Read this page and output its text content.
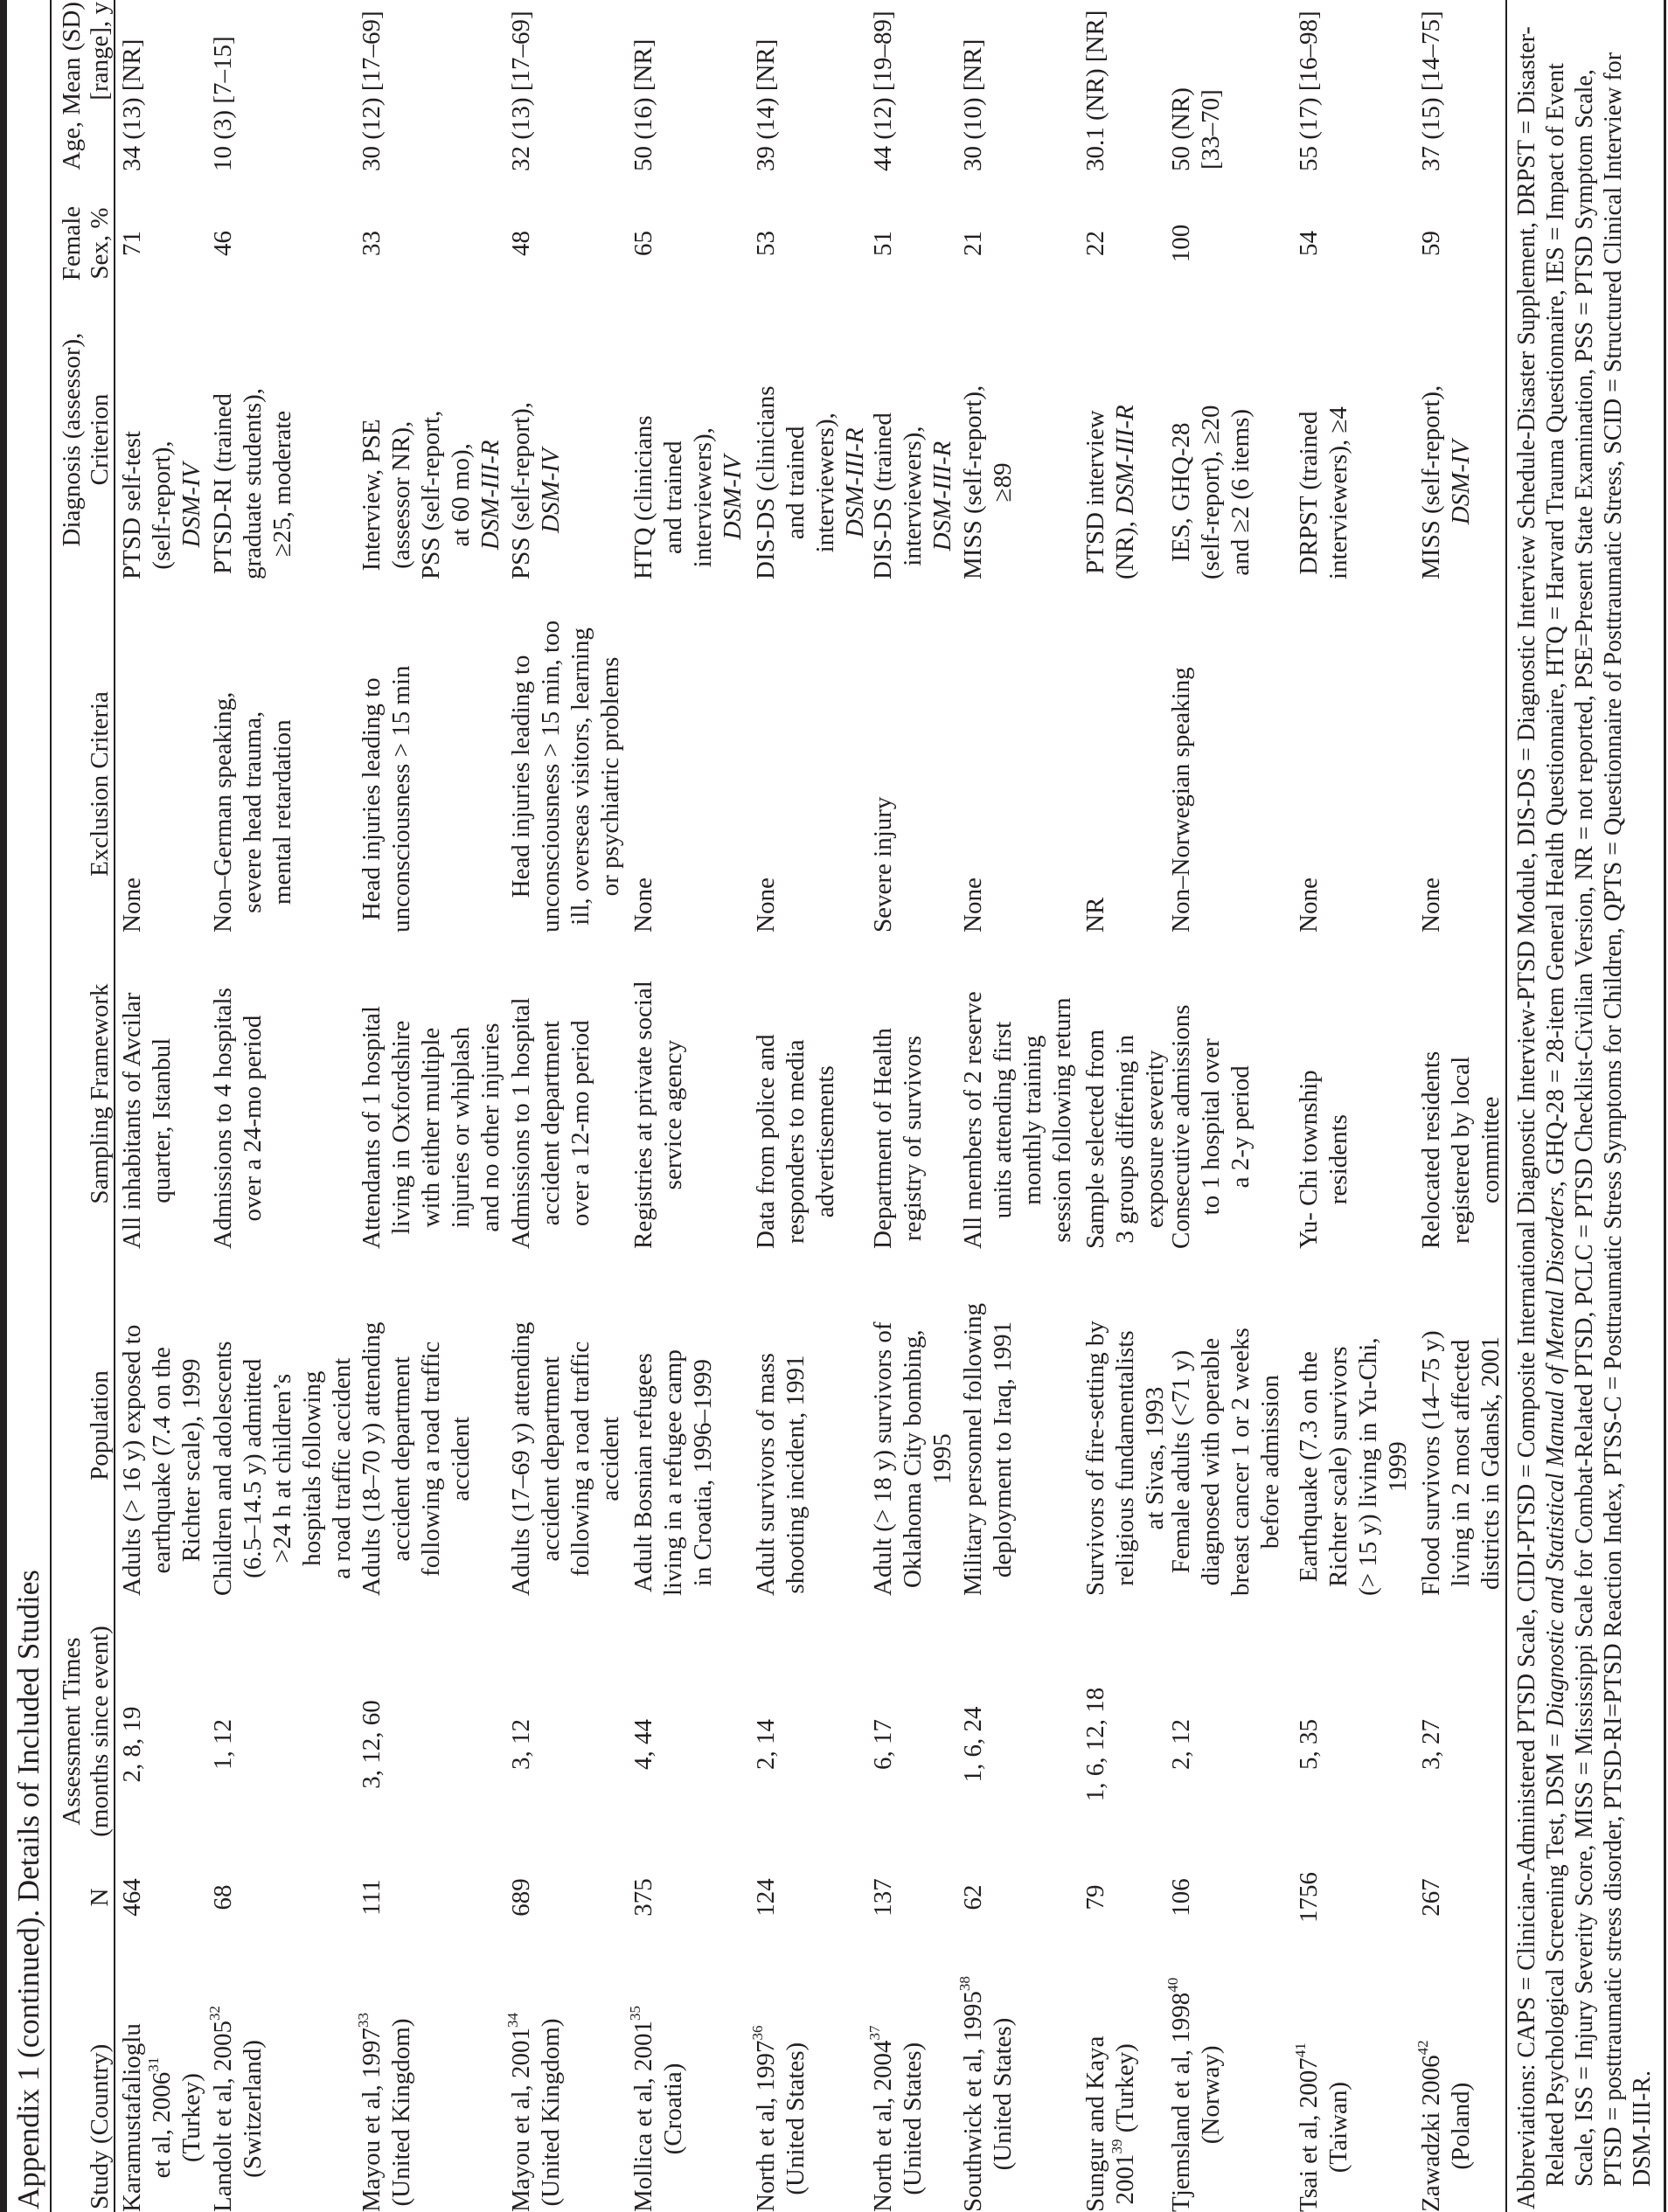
Appendix 1 (continued). Details of Included Studies	Study (Country)
N
Assessment Times
(months since event)
Population
Sampling Framework
Exclusion Criteria
Diagnosis (assessor),
Criterion
Female
Sex, %
Age, Mean (SD)
[range], y
Karamustafalioglu
et al, 2006$^{31}$
(Turkey)
464
2, 8, 19
Adults (> 16 y) exposed to
earthquake (7.4 on the
Richter scale), 1999
All inhabitants of Avcilar
quarter, Istanbul
None
PTSD self-test
(self-report),
DSM-IV
71
34 (13) [NR]
Landolt et al, 2005$^{32}$
(Switzerland)
68
1, 12
Children and adolescents
(6.5–14.5 y) admitted
>24 h at children’s
hospitals following
a road traffic accident
Admissions to 4 hospitals
over a 24-mo period
Non–German speaking,
severe head trauma,
mental retardation
PTSD-RI (trained
graduate students),
≥25, moderate
46
10 (3) [7–15]
Mayou et al, 1997$^{33}$
(United Kingdom)
111
3, 12, 60
Adults (18–70 y) attending
accident department
following a road traffic
accident
Attendants of 1 hospital
living in Oxfordshire
with either multiple
injuries or whiplash
and no other injuries
Head injuries leading to
unconsciousness > 15 min
Interview, PSE
(assessor NR),
PSS (self-report,
at 60 mo),
DSM-III-R
33
30 (12) [17–69]
Mayou et al, 2001$^{34}$
(United Kingdom)
689
3, 12
Adults (17–69 y) attending
accident department
following a road traffic
accident
Admissions to 1 hospital
accident department
over a 12-mo period
Head injuries leading to
unconsciousness > 15 min, too
ill, overseas visitors, learning
or psychiatric problems
PSS (self-report),
DSM-IV
48
32 (13) [17–69]
Mollica et al, 2001$^{35}$
(Croatia)
375
4, 44
Adult Bosnian refugees
living in a refugee camp
in Croatia, 1996–1999
Registries at private social
service agency
None
HTQ (clinicians
and trained
interviewers),
DSM-IV
65
50 (16) [NR]
North et al, 1997$^{36}$
(United States)
124
2, 14
Adult survivors of mass
shooting incident, 1991
Data from police and
responders to media
advertisements
None
DIS-DS (clinicians
and trained
interviewers),
DSM-III-R
53
39 (14) [NR]
North et al, 2004$^{37}$
(United States)
137
6, 17
Adult (> 18 y) survivors of
Oklahoma City bombing,
1995
Department of Health
registry of survivors
Severe injury
DIS-DS (trained
interviewers),
DSM-III-R
51
44 (12) [19–89]
Southwick et al, 1995$^{38}$
(United States)
62
1, 6, 24
Military personnel following
deployment to Iraq, 1991
All members of 2 reserve
units attending first
monthly training
session following return
None
MISS (self-report),
≥89
21
30 (10) [NR]
Sungur and Kaya
2001$^{39}$ (Turkey)
79
1, 6, 12, 18
Survivors of fire-setting by
religious fundamentalists
at Sivas, 1993
Sample selected from
3 groups differing in
exposure severity
NR
PTSD interview
(NR), DSM-III-R
22
30.1 (NR) [NR]
Tjemsland et al, 1998$^{40}$
(Norway)
106
2, 12
Female adults (<71 y)
diagnosed with operable
breast cancer 1 or 2 weeks
before admission
Consecutive admissions
to 1 hospital over
a 2-y period
Non–Norwegian speaking
IES, GHQ-28
(self-report), ≥20
and ≥2 (6 items)
100
50 (NR)
[33–70]
Tsai et al, 2007$^{41}$
(Taiwan)
1756
5, 35
Earthquake (7.3 on the
Richter scale) survivors
(> 15 y) living in Yu-Chi,
1999
Yu- Chi township
residents
None
DRPST (trained
interviewers), ≥4
54
55 (17) [16–98]
Zawadzki 2006$^{42}$
(Poland)
267
3, 27
Flood survivors (14–75 y)
living in 2 most affected
districts in Gdansk, 2001
Relocated residents
registered by local
committee
None
MISS (self-report),
DSM-IV
59
37 (15) [14–75]	Abbreviations: CAPS = Clinician-Administered PTSD Scale, CIDI-PTSD = Composite International Diagnostic Interview-PTSD Module, DIS-DS = Diagnostic Interview Schedule-Disaster Supplement, DRPST = Disaster-Related Psychological Screening Test, DSM = Diagnostic and Statistical Manual of Mental Disorders, GHQ-28 = 28-item General Health Questionnaire, HTQ = Harvard Trauma Questionnaire, IES = Impact of Event Scale, ISS = Injury Severity Score, MISS = Mississippi Scale for Combat-Related PTSD, PCLC = PTSD Checklist-Civilian Version, NR = not reported, PSE=Present State Examination, PSS = PTSD Symptom Scale, PTSD = posttraumatic stress disorder, PTSD-RI=PTSD Reaction Index, PTSS-C = Posttraumatic Stress Symptoms for Children, QPTS = Questionnaire of Posttraumatic Stress, SCID = Structured Clinical Interview for DSM-III-R.
